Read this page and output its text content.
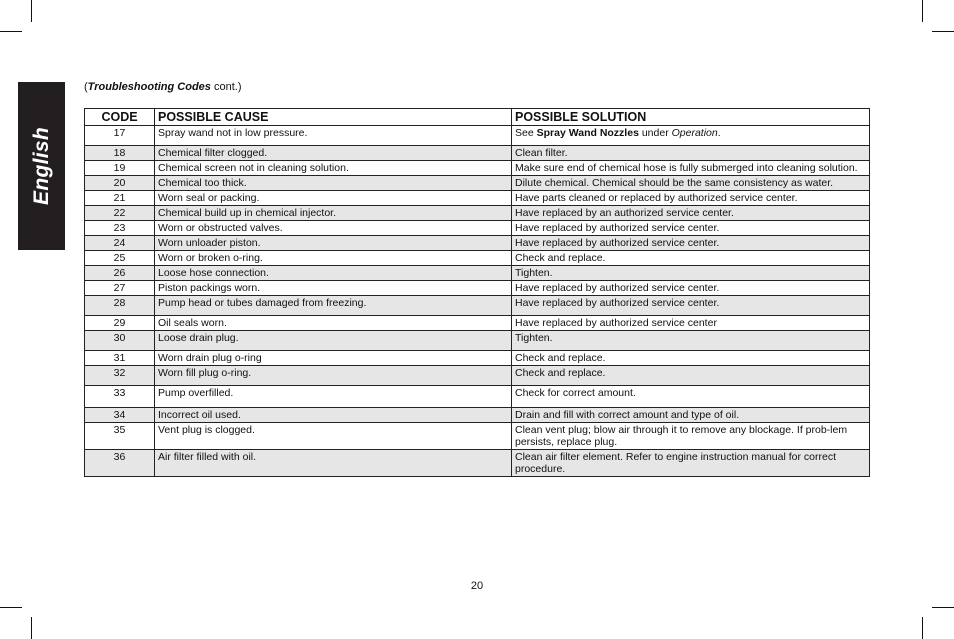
English
(Troubleshooting Codes cont.)
CODE	POSSIBLE CAUSE	POSSIBLE SOLUTION
17	Spray wand not in low pressure.	See Spray Wand Nozzles under Operation.
18	Chemical filter clogged.	Clean filter.
19	Chemical screen not in cleaning solution.	Make sure end of chemical hose is fully submerged into cleaning solution.
20	Chemical too thick.	Dilute chemical. Chemical should be the same consistency as water.
21	Worn seal or packing.	Have parts cleaned or replaced by authorized service center.
22	Chemical build up in chemical injector.	Have replaced by an authorized service center.
23	Worn or obstructed valves.	Have replaced by authorized service center.
24	Worn unloader piston.	Have replaced by authorized service center.
25	Worn or broken o-ring.	Check and replace.
26	Loose hose connection.	Tighten.
27	Piston packings worn.	Have replaced by authorized service center.
28	Pump head or tubes damaged from freezing.	Have replaced by authorized service center.
29	Oil seals worn.	Have replaced by authorized service center
30	Loose drain plug.	Tighten.
31	Worn drain plug o-ring	Check and replace.
32	Worn fill plug o-ring.	Check and replace.
33	Pump overfilled.	Check for correct amount.
34	Incorrect oil used.	Drain and fill with correct amount and type of oil.
35	Vent plug is clogged.	Clean vent plug; blow air through it to remove any blockage. If prob-lem persists, replace plug.
36	Air filter filled with oil.	Clean air filter element. Refer to engine instruction manual for correct procedure.
20
